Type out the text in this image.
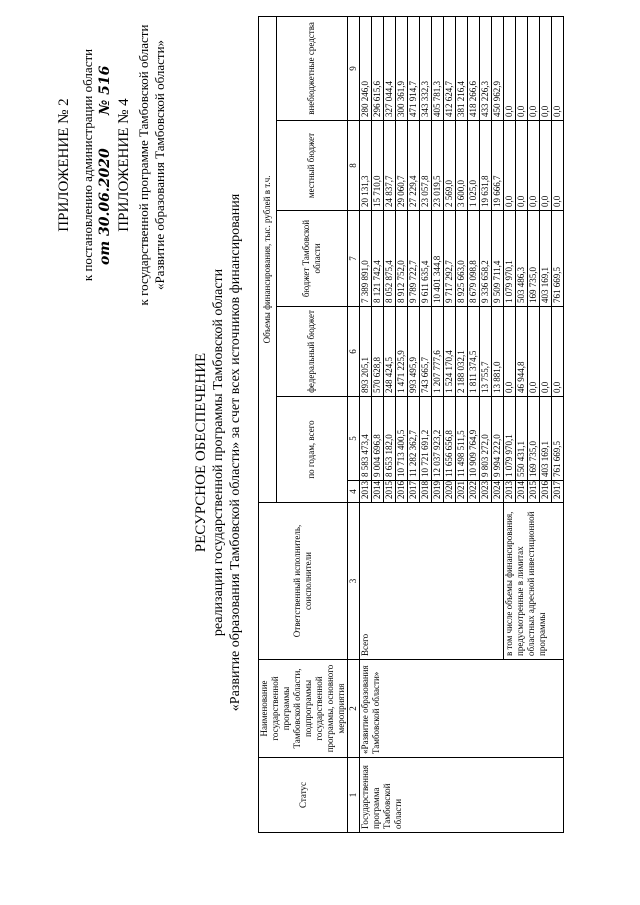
ПРИЛОЖЕНИЕ № 2 к постановлению администрации области от 30.06.2020
№ 516
ПРИЛОЖЕНИЕ № 4 к государственной программе Тамбовской области «Развитие образования Тамбовской области»
РЕСУРСНОЕ ОБЕСПЕЧЕНИЕ реализации государственной программы Тамбовской области «Развитие образования Тамбовской области» за счет всех источников финансирования
Статус	Наименование государственной программы Тамбовской области, подпрограммы государственной программы, основного мероприятия	Ответственный исполнитель, соисполнители	Объемы финансирования, тыс. рублей в т.ч.					
			по годам, всего		федеральный бюджет	бюджет Тамбовской области	местный бюджет	внебюджетные средства
1	2	3	4	5	6	7	8	9
Государственная программа Тамбовской области	«Развитие образования Тамбовской области»	Всего	2013	8 583 473,4	893 205,1	7 389 891,0	20 131,3	280 246,0
			2014	9 004 696,8	570 628,8	8 121 742,4	15 710,0	296 615,6
			2015	8 653 182,0	248 424,5	8 052 875,4	24 837,7	327 044,4
			2016	10 713 400,5	1 471 225,9	8 912 752,0	29 060,7	300 361,9
			2017	11 282 362,7	993 495,9	9 789 722,7	27 229,4	471 914,7
			2018	10 721 691,2	743 665,7	9 611 635,4	23 057,8	343 332,3
			2019	12 037 923,2	1 207 777,6	10 401 344,8	23 019,5	405 781,3
			2020	11 656 656,8	1 524 170,4	9 717 292,7	2 569,0	412 624,7
			2021	11 498 511,5	2 188 032,1	8 925 663,0	3 600,0	381 216,4
			2022	10 909 764,9	1 811 374,5	8 679 098,8	1 025,0	418 266,6
			2023	9 803 272,0	13 755,7	9 336 658,2	19 631,8	433 226,3
			2024	9 994 222,0	13 881,0	9 509 711,4	19 666,7	450 962,9
		в том числе объемы финансирования, предусмотренные в лимитах областных адресной инвестиционной программы	2013	1 079 970,1	0,0	1 079 970,1	0,0	0,0
			2014	550 431,1	46 944,8	503 486,3	0,0	0,0
			2015	169 735,0	0,0	169 735,0	0,0	0,0
			2016	403 169,1	0,0	403 169,1	0,0	0,0
			2017	761 669,5	0,0	761 669,5	0,0	0,0
